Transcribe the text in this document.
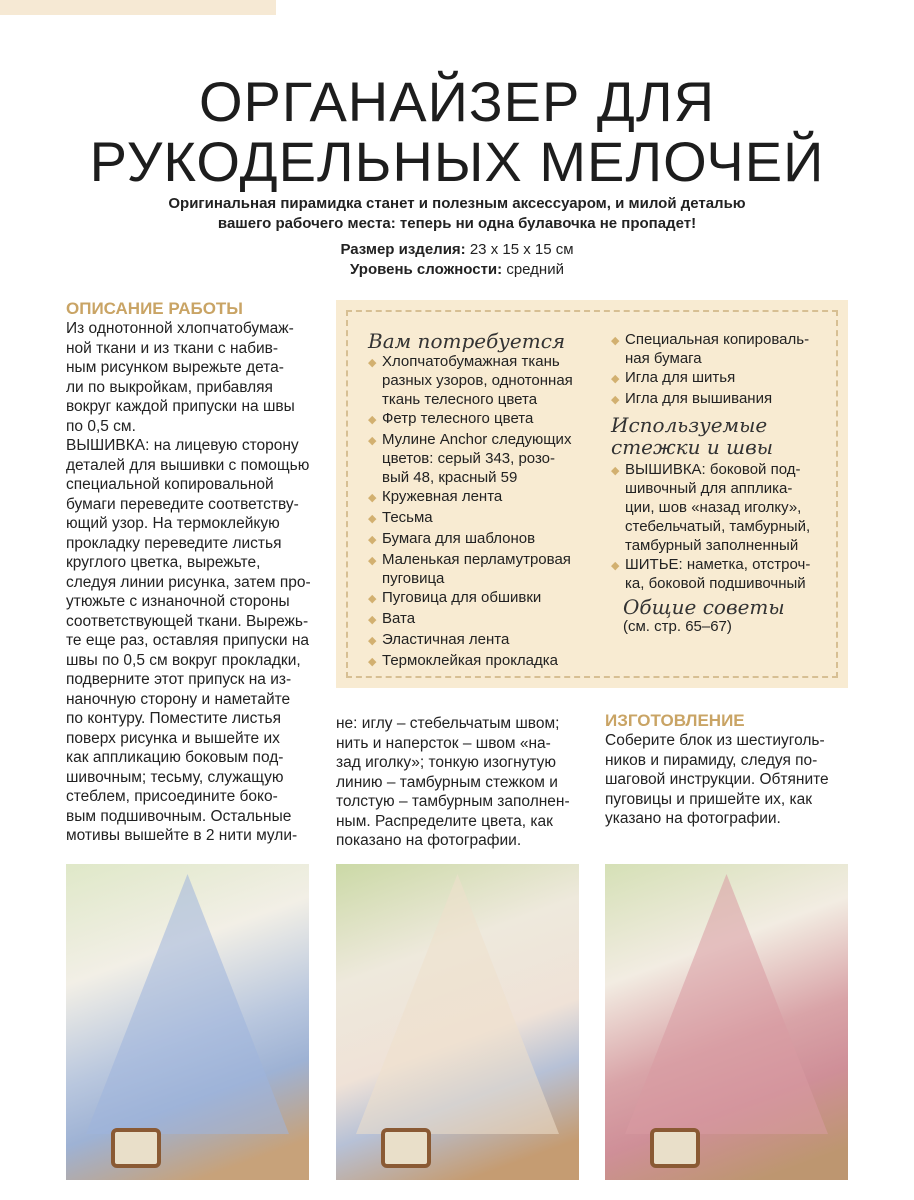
ОРГАНАЙЗЕР ДЛЯ
РУКОДЕЛЬНЫХ МЕЛОЧЕЙ
Оригинальная пирамидка станет и полезным аксессуаром, и милой деталью
вашего рабочего места: теперь ни одна булавочка не пропадет!
Размер изделия: 23 x 15 x 15 см
Уровень сложности: средний
ОПИСАНИЕ РАБОТЫ
Из однотонной хлопчатобумаж-
ной ткани и из ткани с набив-
ным рисунком вырежьте дета-
ли по выкройкам, прибавляя
вокруг каждой припуски на швы
по 0,5 см.
ВЫШИВКА: на лицевую сторону
деталей для вышивки с помощью
специальной копировальной
бумаги переведите соответству-
ющий узор. На термоклейкую
прокладку переведите листья
круглого цветка, вырежьте,
следуя линии рисунка, затем про-
утюжьте с изнаночной стороны
соответствующей ткани. Вырежь-
те еще раз, оставляя припуски на
швы по 0,5 см вокруг прокладки,
подверните этот припуск на из-
наночную сторону и наметайте
по контуру. Поместите листья
поверх рисунка и вышейте их
как аппликацию боковым под-
шивочным; тесьму, служащую
стеблем, присоедините боко-
вым подшивочным. Остальные
мотивы вышейте в 2 нити мули-
Вам потребуется
◆ Хлопчатобумажная ткань
разных узоров, однотонная
ткань телесного цвета
◆ Фетр телесного цвета
◆ Мулине Anchor следующих
цветов: серый 343, розо-
вый 48, красный 59
◆ Кружевная лента
◆ Тесьма
◆ Бумага для шаблонов
◆ Маленькая перламутровая
пуговица
◆ Пуговица для обшивки
◆ Вата
◆ Эластичная лента
◆ Термоклейкая прокладка
◆ Специальная копироваль-
ная бумага
◆ Игла для шитья
◆ Игла для вышивания
Используемые
стежки и швы
◆ ВЫШИВКА: боковой под-
шивочный для апплика-
ции, шов «назад иголку»,
стебельчатый, тамбурный,
тамбурный заполненный
◆ ШИТЬЕ: наметка, отстроч-
ка, боковой подшивочный
Общие советы
(см. стр. 65–67)
не: иглу – стебельчатым швом;
нить и наперсток – швом «на-
зад иголку»; тонкую изогнутую
линию – тамбурным стежком и
толстую – тамбурным заполнен-
ным. Распределите цвета, как
показано на фотографии.
ИЗГОТОВЛЕНИЕ
Соберите блок из шестиуголь-
ников и пирамиду, следуя по-
шаговой инструкции. Обтяните
пуговицы и пришейте их, как
указано на фотографии.
